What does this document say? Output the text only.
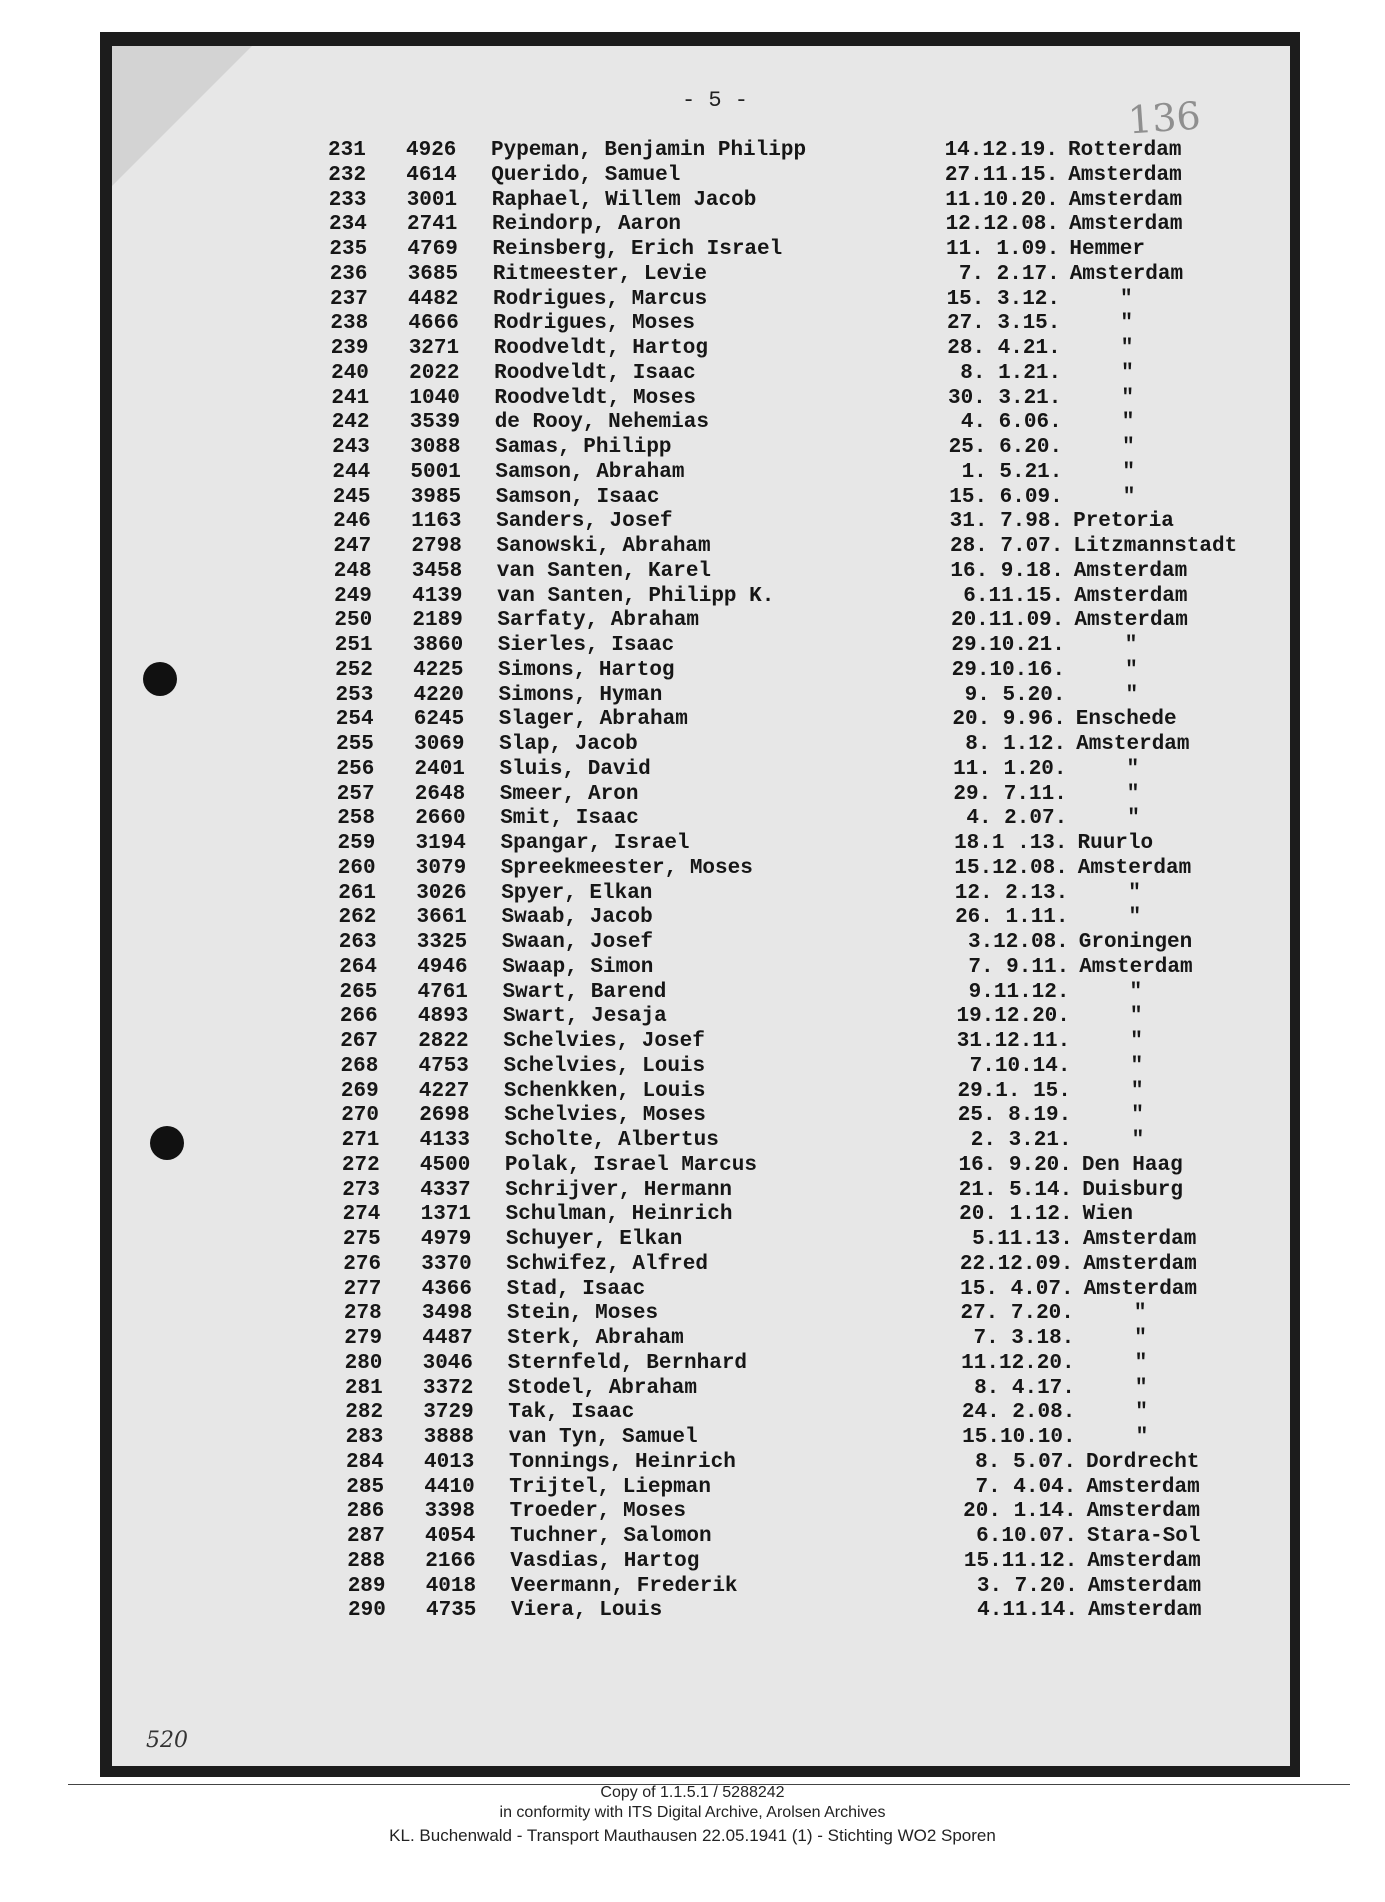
- 5 -	136
231 4926 Pypeman, Benjamin Philipp	14.12.19. Rotterdam
232 4614 Querido, Samuel	27.11.15. Amsterdam
233 3001 Raphael, Willem Jacob	11.10.20. Amsterdam
234 2741 Reindorp, Aaron	12.12.08. Amsterdam
235 4769 Reinsberg, Erich Israel	11. 1.09. Hemmer
236 3685 Ritmeester, Levie	7. 2.17. Amsterdam
237 4482 Rodrigues, Marcus	15. 3.12.	"
238 4666 Rodrigues, Moses	27. 3.15.	"
239 3271 Roodveldt, Hartog	28. 4.21.	"
240 2022 Roodveldt, Isaac	8. 1.21.	"
241 1040 Roodveldt, Moses	30. 3.21.	"
242 3539 de Rooy, Nehemias	4. 6.06.	"
243 3088 Samas, Philipp	25. 6.20.	"
244 5001 Samson, Abraham	1. 5.21.	"
245 3985 Samson, Isaac	15. 6.09.	"
246 1163 Sanders, Josef	31. 7.98. Pretoria
247 2798 Sanowski, Abraham	28. 7.07. Litzmannstadt
248 3458 van Santen, Karel	16. 9.18. Amsterdam
249 4139 van Santen, Philipp K.	6.11.15. Amsterdam
250 2189 Sarfaty, Abraham	20.11.09. Amsterdam
251 3860 Sierles, Isaac	29.10.21.	"
252 4225 Simons, Hartog	29.10.16.	"
253 4220 Simons, Hyman	9. 5.20.	"
254 6245 Slager, Abraham	20. 9.96. Enschede
255 3069 Slap, Jacob	8. 1.12. Amsterdam
256 2401 Sluis, David	11. 1.20.	"
257 2648 Smeer, Aron	29. 7.11.	"
258 2660 Smit, Isaac	4. 2.07.	"
259 3194 Spangar, Israel	18.1 .13. Ruurlo
260 3079 Spreekmeester, Moses	15.12.08. Amsterdam
261 3026 Spyer, Elkan	12. 2.13.	"
262 3661 Swaab, Jacob	26. 1.11.	"
263 3325 Swaan, Josef	3.12.08. Groningen
264 4946 Swaap, Simon	7. 9.11. Amsterdam
265 4761 Swart, Barend	9.11.12.	"
266 4893 Swart, Jesaja	19.12.20.	"
267 2822 Schelvies, Josef	31.12.11.	"
268 4753 Schelvies, Louis	7.10.14.	"
269 4227 Schenkken, Louis	29.1. 15.	"
270 2698 Schelvies, Moses	25. 8.19.	"
271 4133 Scholte, Albertus	2. 3.21.	"
272 4500 Polak, Israel Marcus	16. 9.20. Den Haag
273 4337 Schrijver, Hermann	21. 5.14. Duisburg
274 1371 Schulman, Heinrich	20. 1.12. Wien
275 4979 Schuyer, Elkan	5.11.13. Amsterdam
276 3370 Schwifez, Alfred	22.12.09. Amsterdam
277 4366 Stad, Isaac	15. 4.07. Amsterdam
278 3498 Stein, Moses	27. 7.20.	"
279 4487 Sterk, Abraham	7. 3.18.	"
280 3046 Sternfeld, Bernhard	11.12.20.	"
281 3372 Stodel, Abraham	8. 4.17.	"
282 3729 Tak, Isaac	24. 2.08.	"
283 3888 van Tyn, Samuel	15.10.10.	"
284 4013 Tonnings, Heinrich	8. 5.07. Dordrecht
285 4410 Trijtel, Liepman	7. 4.04. Amsterdam
286 3398 Troeder, Moses	20. 1.14. Amsterdam
287 4054 Tuchner, Salomon	6.10.07. Stara-Sol
288 2166 Vasdias, Hartog	15.11.12. Amsterdam
289 4018 Veermann, Frederik	3. 7.20. Amsterdam
290 4735 Viera, Louis	4.11.14. Amsterdam
520
Copy of 1.1.5.1 / 5288242
in conformity with ITS Digital Archive, Arolsen Archives
KL. Buchenwald - Transport Mauthausen 22.05.1941 (1) - Stichting WO2 Sporen
